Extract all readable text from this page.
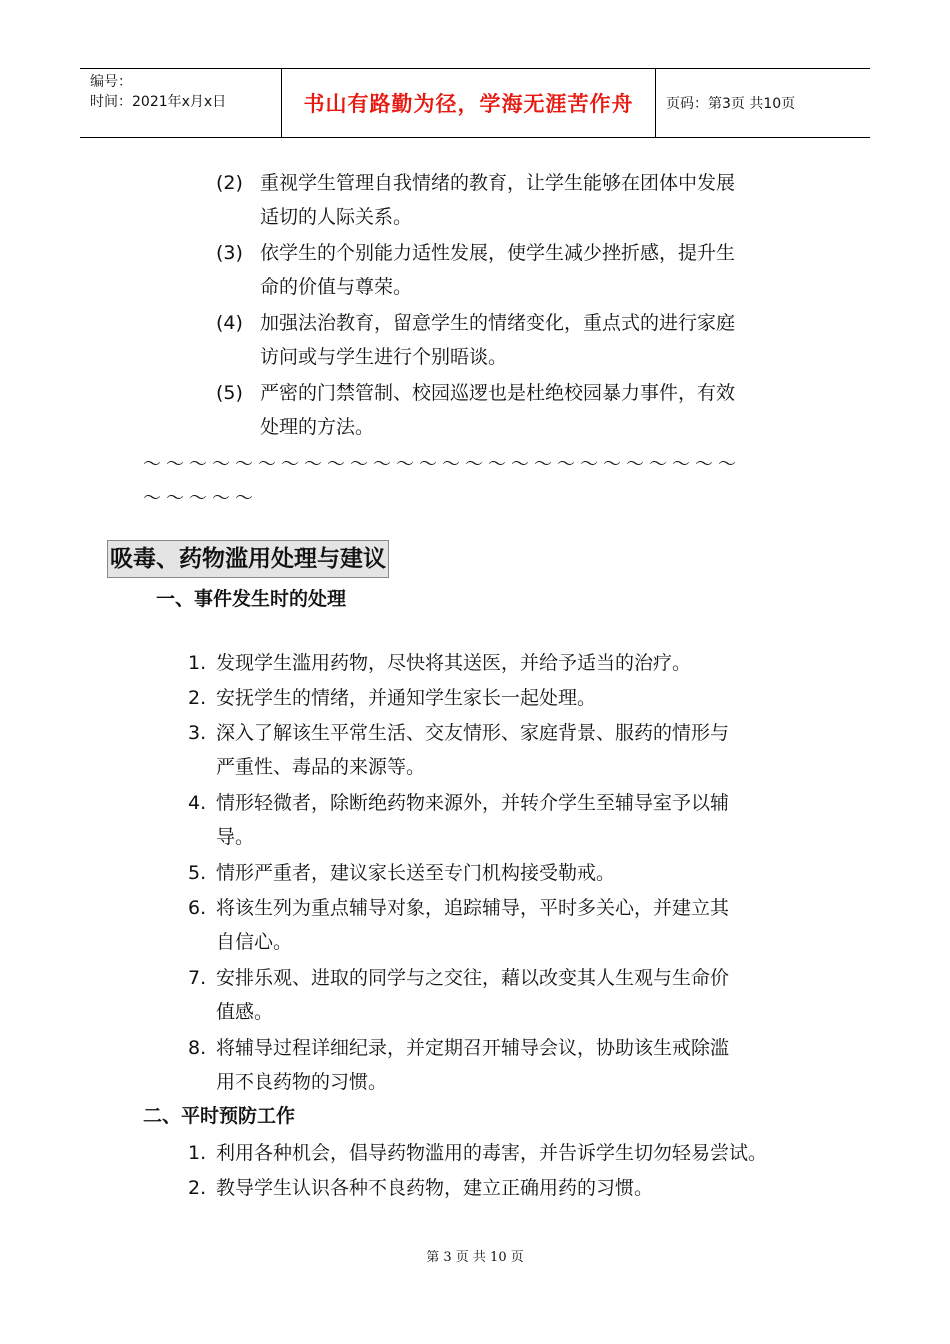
编号：
时间：2021年x月x日	书山有路勤为径，学海无涯苦作舟	页码：第3页 共10页
(2) 重视学生管理自我情绪的教育，让学生能够在团体中发展
适切的人际关系。
(3) 依学生的个别能力适性发展，使学生减少挫折感，提升生
命的价值与尊荣。
(4) 加强法治教育，留意学生的情绪变化，重点式的进行家庭
访问或与学生进行个别晤谈。
(5) 严密的门禁管制、校园巡逻也是杜绝校园暴力事件，有效
处理的方法。
～～～～～～～～～～～～～～～～～～～～～～～～～～
～～～～～
吸毒、药物滥用处理与建议
一、事件发生时的处理
1. 发现学生滥用药物，尽快将其送医，并给予适当的治疗。
2. 安抚学生的情绪，并通知学生家长一起处理。
3. 深入了解该生平常生活、交友情形、家庭背景、服药的情形与
严重性、毒品的来源等。
4. 情形轻微者，除断绝药物来源外，并转介学生至辅导室予以辅
导。
5. 情形严重者，建议家长送至专门机构接受勒戒。
6. 将该生列为重点辅导对象，追踪辅导，平时多关心，并建立其
自信心。
7. 安排乐观、进取的同学与之交往，藉以改变其人生观与生命价
值感。
8. 将辅导过程详细纪录，并定期召开辅导会议，协助该生戒除滥
用不良药物的习惯。
二、平时预防工作
1. 利用各种机会，倡导药物滥用的毒害，并告诉学生切勿轻易尝试。
2. 教导学生认识各种不良药物，建立正确用药的习惯。
第 3 页 共 10 页
